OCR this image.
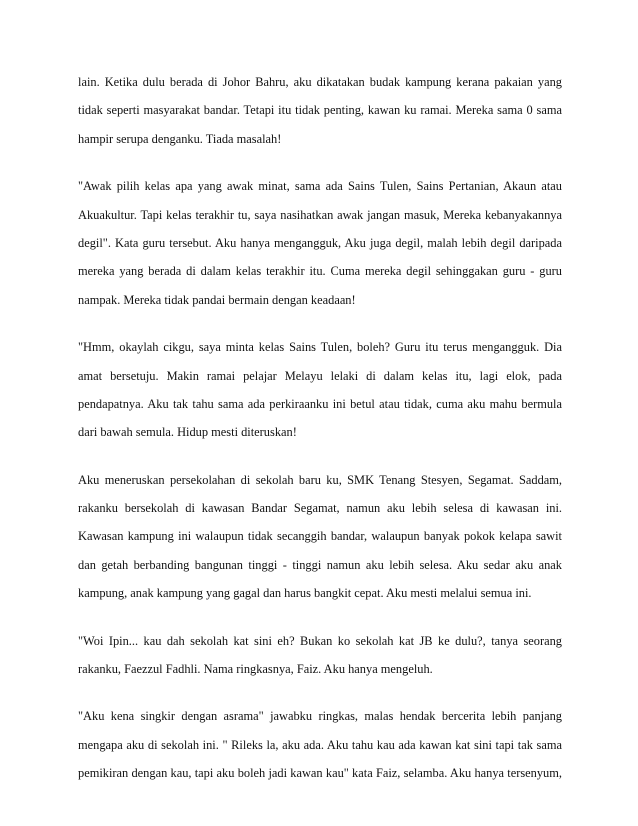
lain. Ketika dulu berada di Johor Bahru, aku dikatakan budak kampung kerana pakaian yang
tidak seperti masyarakat bandar. Tetapi itu tidak penting, kawan ku ramai. Mereka sama 0 sama
hampir serupa denganku. Tiada masalah!
"Awak pilih kelas apa yang awak minat, sama ada Sains Tulen, Sains Pertanian, Akaun atau
Akuakultur. Tapi kelas terakhir tu, saya nasihatkan awak jangan masuk, Mereka kebanyakannya
degil". Kata guru tersebut. Aku hanya mengangguk, Aku juga degil, malah lebih degil daripada
mereka yang berada di dalam kelas terakhir itu. Cuma mereka degil sehinggakan guru - guru
nampak. Mereka tidak pandai bermain dengan keadaan!
"Hmm, okaylah cikgu, saya minta kelas Sains Tulen, boleh? Guru itu terus mengangguk. Dia
amat bersetuju. Makin ramai pelajar Melayu lelaki di dalam kelas itu, lagi elok, pada
pendapatnya. Aku tak tahu sama ada perkiraanku ini betul atau tidak, cuma aku mahu bermula
dari bawah semula. Hidup mesti diteruskan!
Aku meneruskan persekolahan di sekolah baru ku, SMK Tenang Stesyen, Segamat. Saddam,
rakanku bersekolah di kawasan Bandar Segamat, namun aku lebih selesa di kawasan ini.
Kawasan kampung ini walaupun tidak secanggih bandar, walaupun banyak pokok kelapa sawit
dan getah berbanding bangunan tinggi - tinggi namun aku lebih selesa. Aku sedar aku anak
kampung, anak kampung yang gagal dan harus bangkit cepat. Aku mesti melalui semua ini.
"Woi Ipin... kau dah sekolah kat sini eh? Bukan ko sekolah kat JB ke dulu?, tanya seorang
rakanku, Faezzul Fadhli. Nama ringkasnya, Faiz. Aku hanya mengeluh.
"Aku kena singkir dengan asrama" jawabku ringkas, malas hendak bercerita lebih panjang
mengapa aku di sekolah ini. " Rileks la, aku ada. Aku tahu kau ada kawan kat sini tapi tak sama
pemikiran dengan kau, tapi aku boleh jadi kawan kau" kata Faiz, selamba. Aku hanya tersenyum,
